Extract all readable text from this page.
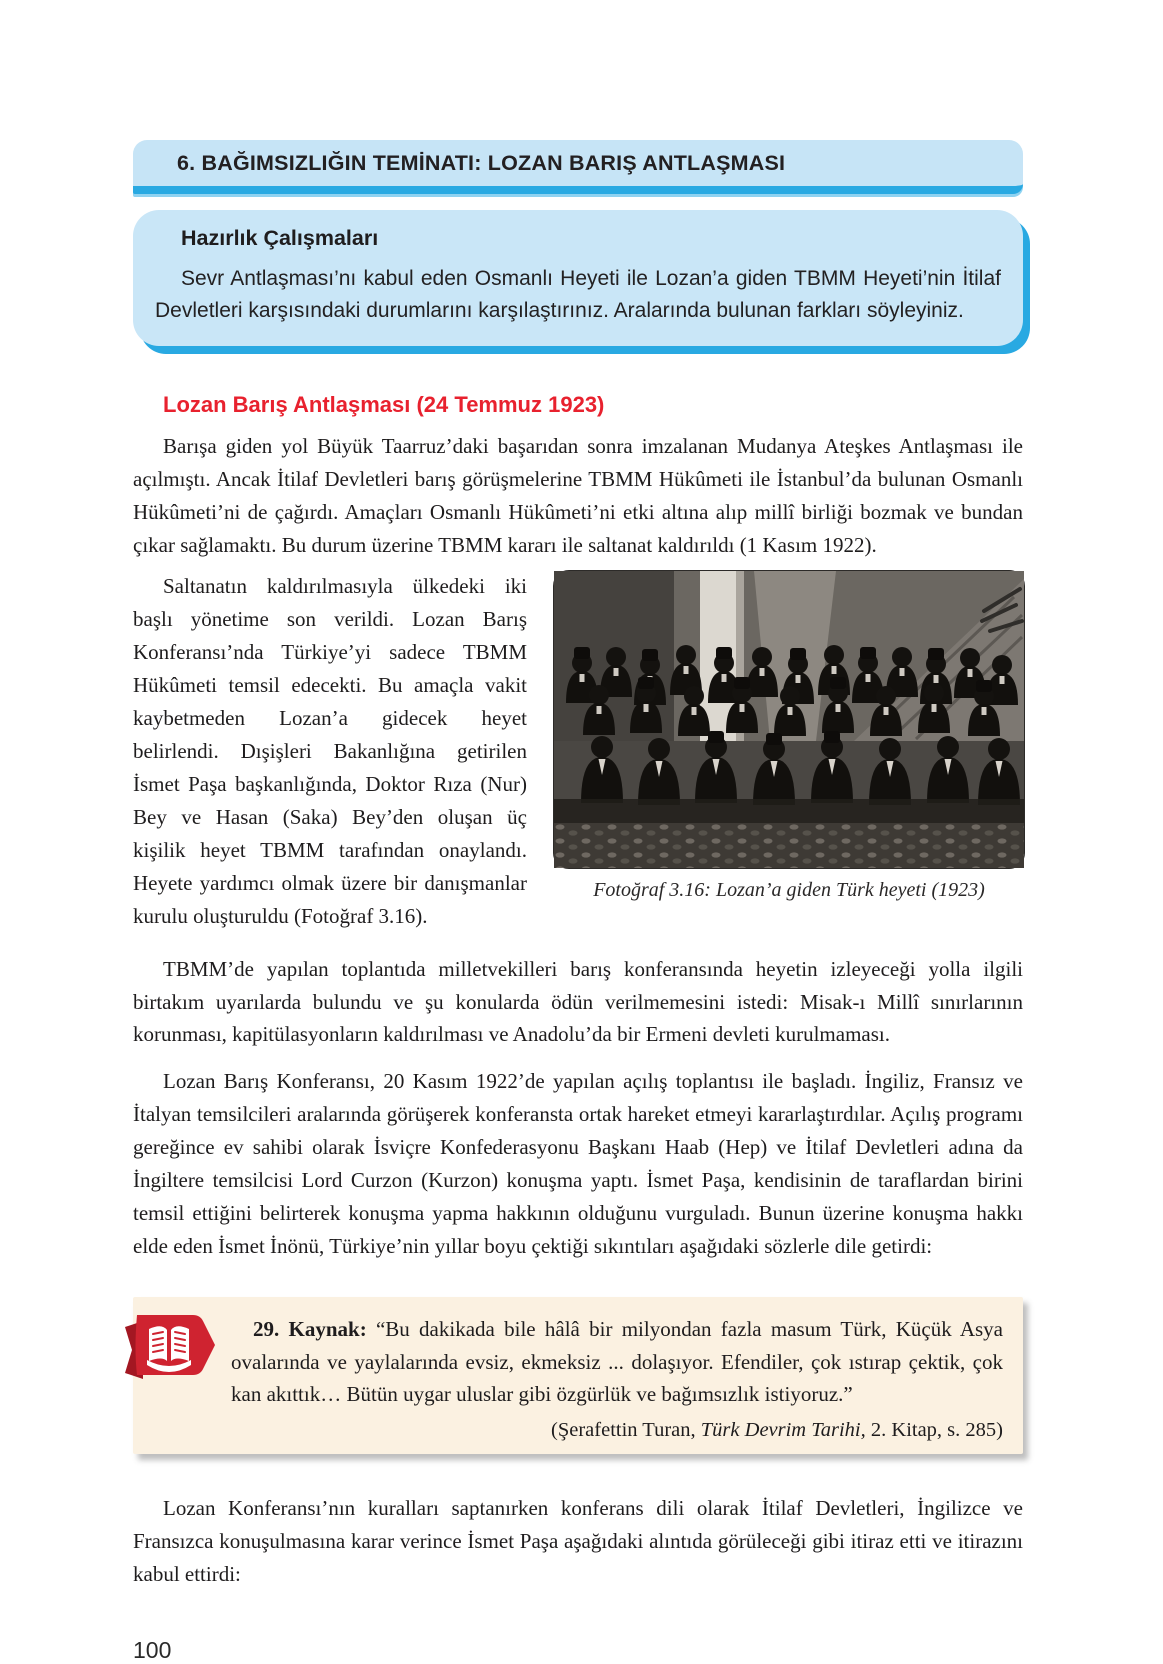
6. BAĞIMSIZLIĞIN TEMİNATI: LOZAN BARIŞ ANTLAŞMASI

Hazırlık Çalışmaları

Sevr Antlaşması’nı kabul eden Osmanlı Heyeti ile Lozan’a giden TBMM Heyeti’nin İtilaf Devletleri karşısındaki durumlarını karşılaştırınız. Aralarında bulunan farkları söyleyiniz.

Lozan Barış Antlaşması (24 Temmuz 1923)

Barışa giden yol Büyük Taarruz’daki başarıdan sonra imzalanan Mudanya Ateşkes Antlaşması ile açılmıştı. Ancak İtilaf Devletleri barış görüşmelerine TBMM Hükûmeti ile İstanbul’da bulunan Osmanlı Hükûmeti’ni de çağırdı. Amaçları Osmanlı Hükûmeti’ni etki altına alıp millî birliği bozmak ve bundan çıkar sağlamaktı. Bu durum üzerine TBMM kararı ile saltanat kaldırıldı (1 Kasım 1922).

Saltanatın kaldırılmasıyla ülkedeki iki başlı yönetime son verildi. Lozan Barış Konferansı’nda Türkiye’yi sadece TBMM Hükûmeti temsil edecekti. Bu amaçla vakit kaybetmeden Lozan’a gidecek heyet belirlendi. Dışişleri Bakanlığına getirilen İsmet Paşa başkanlığında, Doktor Rıza (Nur) Bey ve Hasan (Saka) Bey’den oluşan üç kişilik heyet TBMM tarafından onaylandı. Heyete yardımcı olmak üzere bir danışmanlar kurulu oluşturuldu (Fotoğraf 3.16).

Fotoğraf 3.16: Lozan’a giden Türk heyeti (1923)

TBMM’de yapılan toplantıda milletvekilleri barış konferansında heyetin izleyeceği yolla ilgili birtakım uyarılarda bulundu ve şu konularda ödün verilmemesini istedi: Misak-ı Millî sınırlarının korunması, kapitülasyonların kaldırılması ve Anadolu’da bir Ermeni devleti kurulmaması.

Lozan Barış Konferansı, 20 Kasım 1922’de yapılan açılış toplantısı ile başladı. İngiliz, Fransız ve İtalyan temsilcileri aralarında görüşerek konferansta ortak hareket etmeyi kararlaştırdılar. Açılış programı gereğince ev sahibi olarak İsviçre Konfederasyonu Başkanı Haab (Hep) ve İtilaf Devletleri adına da İngiltere temsilcisi Lord Curzon (Kurzon) konuşma yaptı. İsmet Paşa, kendisinin de taraflardan birini temsil ettiğini belirterek konuşma yapma hakkının olduğunu vurguladı. Bunun üzerine konuşma hakkı elde eden İsmet İnönü, Türkiye’nin yıllar boyu çektiği sıkıntıları aşağıdaki sözlerle dile getirdi:

29. Kaynak: “Bu dakikada bile hâlâ bir milyondan fazla masum Türk, Küçük Asya ovalarında ve yaylalarında evsiz, ekmeksiz ... dolaşıyor. Efendiler, çok ıstırap çektik, çok kan akıttık… Bütün uygar uluslar gibi özgürlük ve bağımsızlık istiyoruz.”

(Şerafettin Turan, Türk Devrim Tarihi, 2. Kitap, s. 285)

Lozan Konferansı’nın kuralları saptanırken konferans dili olarak İtilaf Devletleri, İngilizce ve Fransızca konuşulmasına karar verince İsmet Paşa aşağıdaki alıntıda görüleceği gibi itiraz etti ve itirazını kabul ettirdi:

100
